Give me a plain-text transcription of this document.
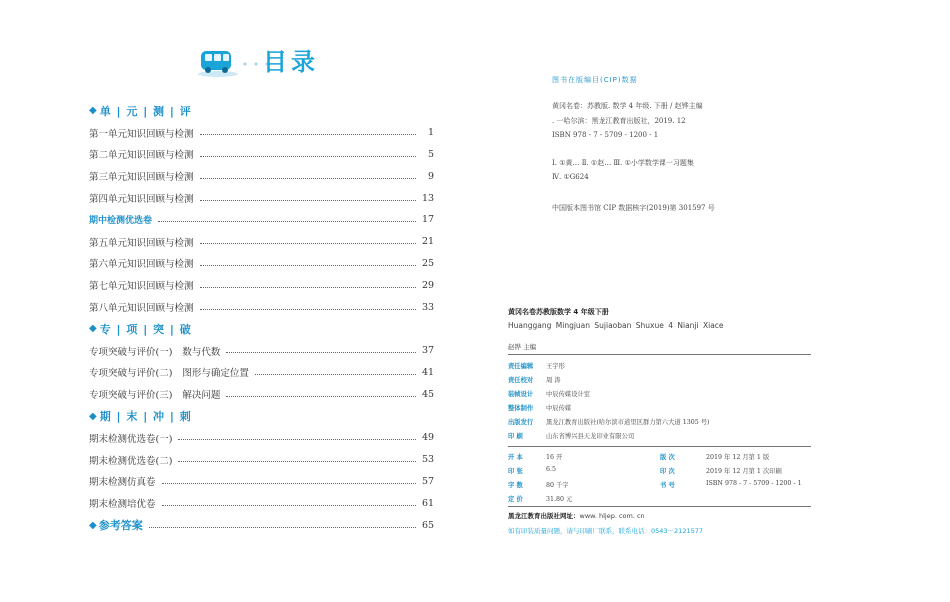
• • •
目录
◆ 单 | 元 | 测 | 评
第一单元知识回顾与检测	1
第二单元知识回顾与检测	5
第三单元知识回顾与检测	9
第四单元知识回顾与检测	13
期中检测优选卷	17
第五单元知识回顾与检测	21
第六单元知识回顾与检测	25
第七单元知识回顾与检测	29
第八单元知识回顾与检测	33
◆ 专 | 项 | 突 | 破
专项突破与评价(一) 数与代数	37
专项突破与评价(二) 图形与确定位置	41
专项突破与评价(三) 解决问题	45
◆ 期 | 末 | 冲 | 刺
期末检测优选卷(一)	49
期末检测优选卷(二)	53
期末检测仿真卷	57
期末检测培优卷	61
◆ 参考答案	65
图书在版编目(CIP)数据
黄冈名卷：苏教版. 数学 4 年级. 下册 / 赵铧主编
. 一哈尔滨：黑龙江教育出版社，2019. 12
ISBN 978 - 7 - 5709 - 1200 - 1
Ⅰ. ①黄… Ⅱ. ①赵… Ⅲ. ①小学数学课一习题集
Ⅳ. ①G624
中国版本图书馆 CIP 数据核字(2019)第 301597 号
黄冈名卷苏教版数学 4 年级下册
Huanggang Mingjuan Sujiaoban Shuxue 4 Nianji Xiace
赵铧 主编
责任编辑 王宇彤
责任校对 周 涛
装帧设计 中辰传媒设计室
整体制作 中辰传媒
出版发行 黑龙江教育出版社(哈尔滨市道里区群力第六大道 1305 号)
印 刷	山东省博兴县天龙印业有限公司
开 本	16 开	版 次	2019 年 12 月第 1 版
印 张	6.5	印 次	2019 年 12 月第 1 次印刷
字 数	80 千字	书 号	ISBN 978 - 7 - 5709 - 1200 - 1
定 价	31.80 元
黑龙江教育出版社网址：www. hljep. com. cn
如有印装质量问题，请与印刷厂联系，联系电话：0543－2121577
